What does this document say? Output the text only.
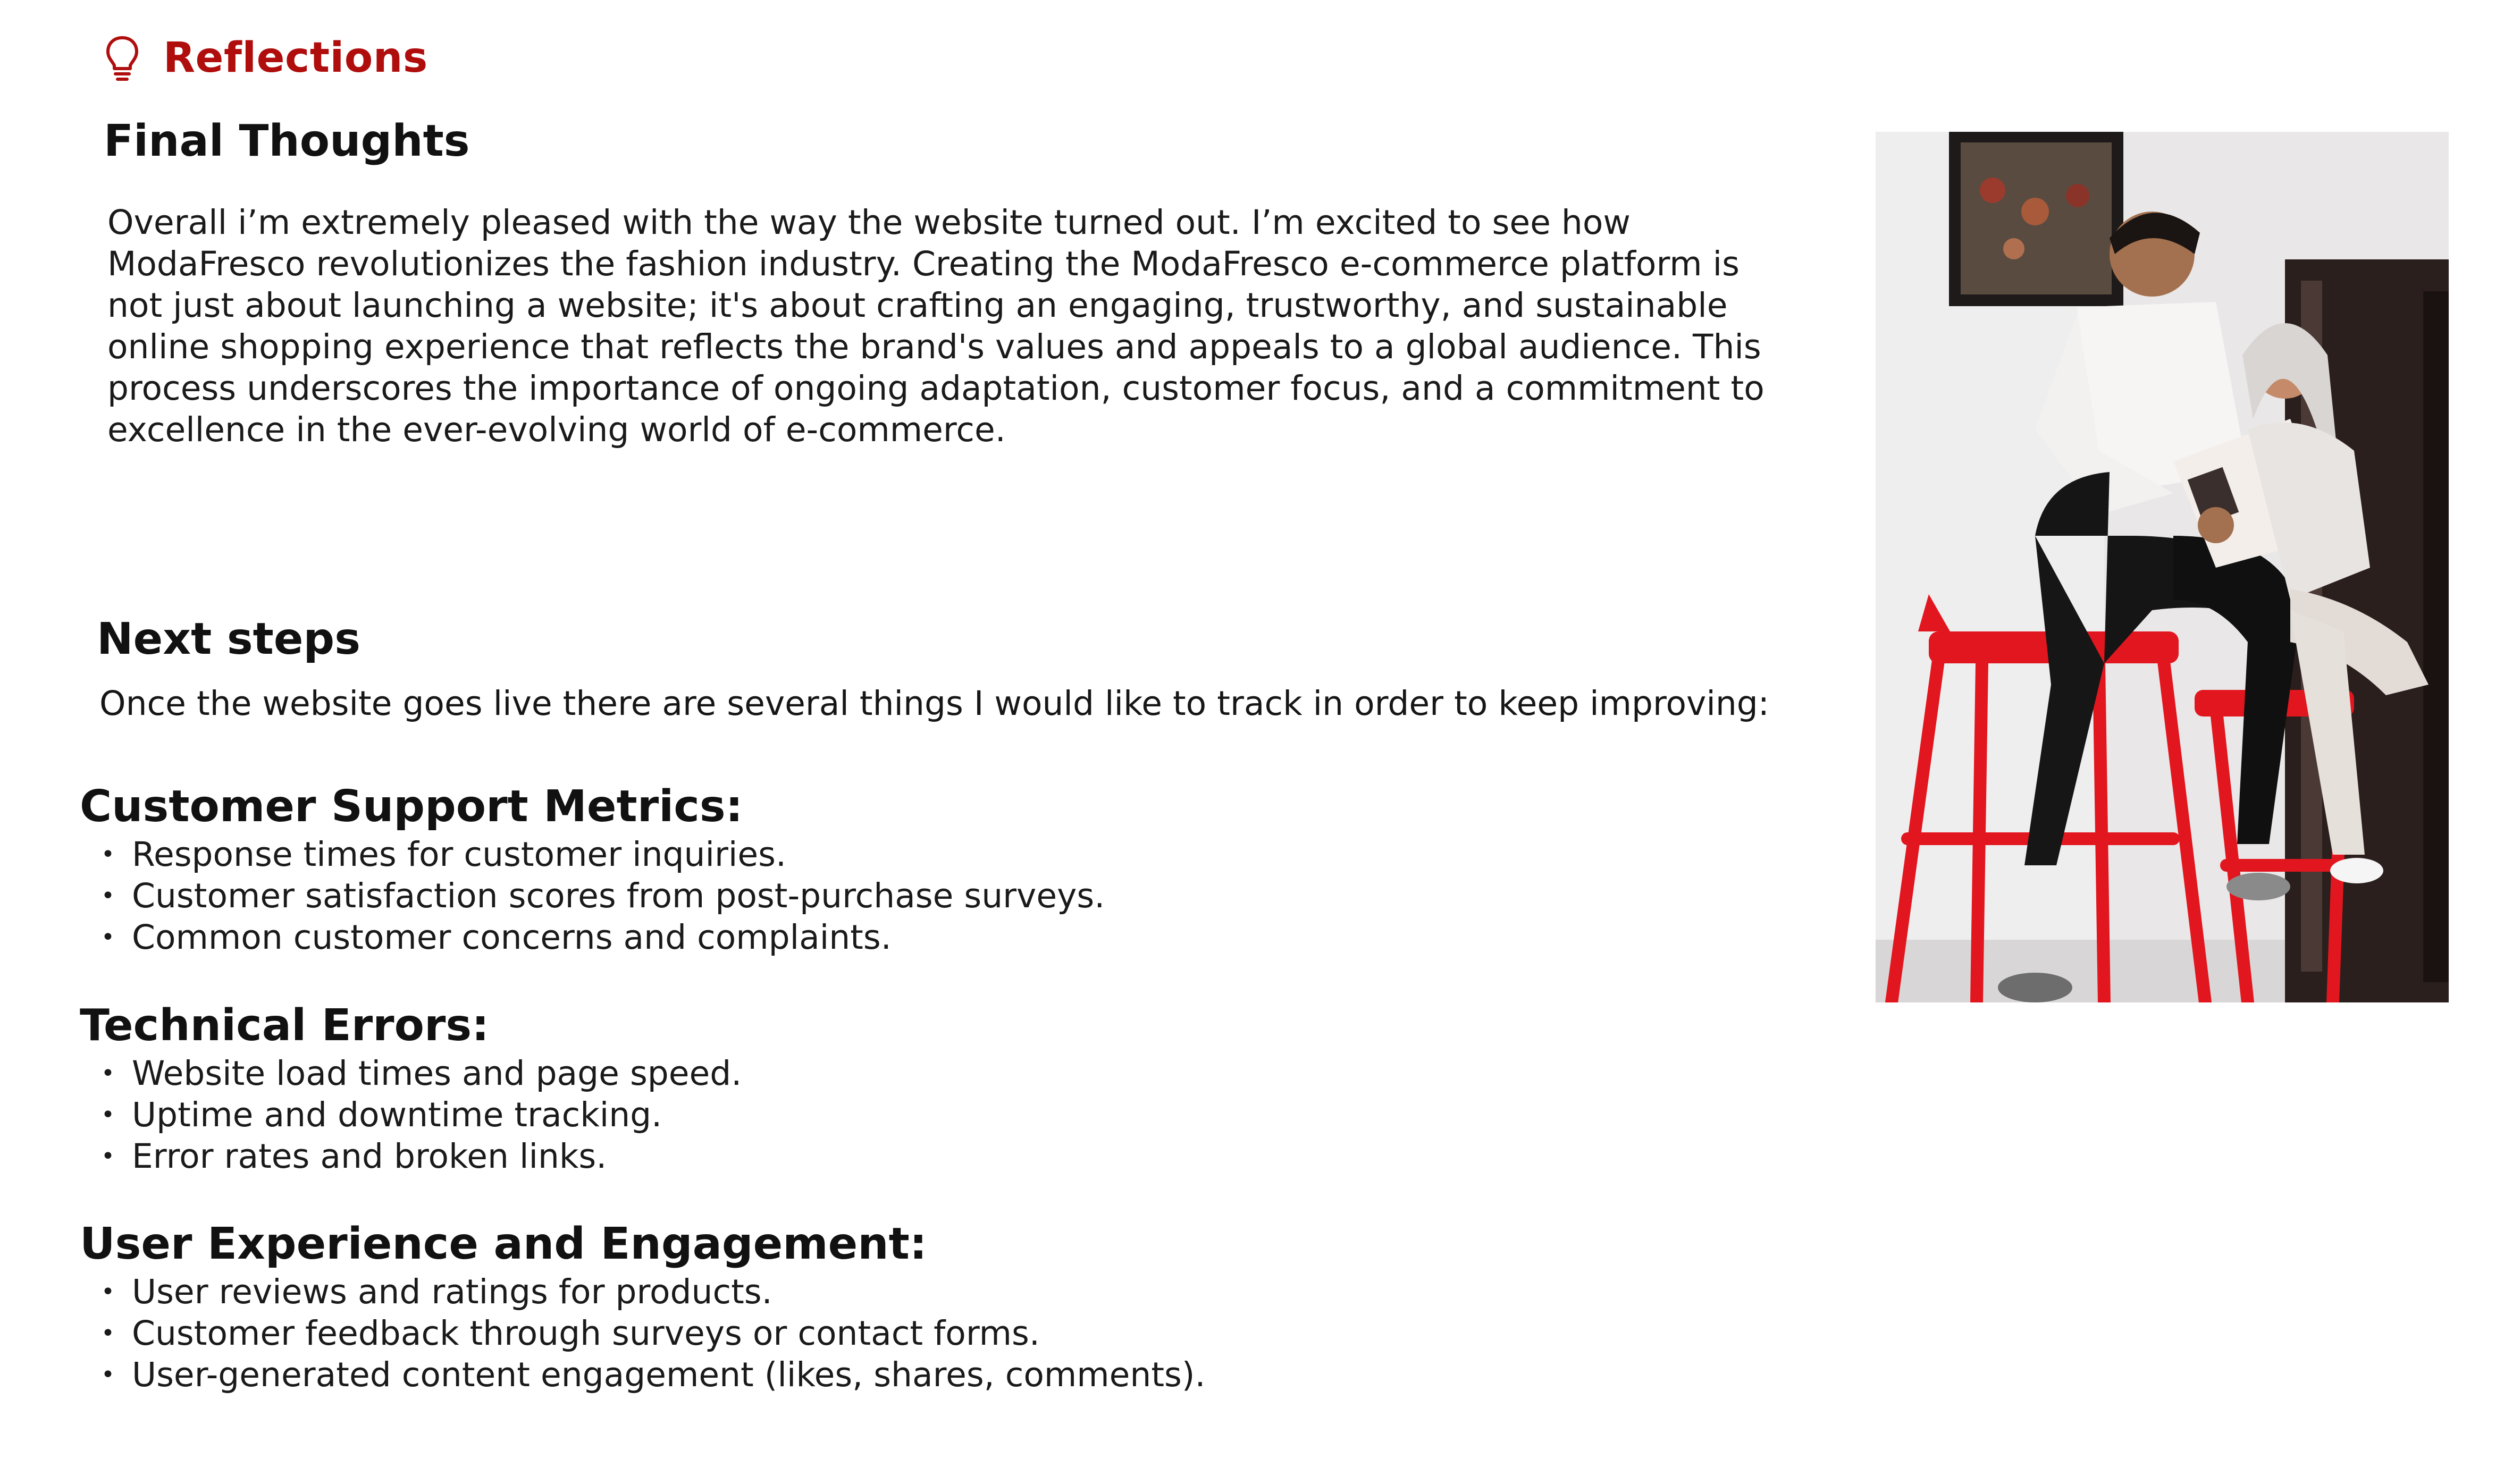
Reflections
Final Thoughts

Overall i’m extremely pleased with the way the website turned out. I’m excited to see how ModaFresco revolutionizes the fashion industry. Creating the ModaFresco e-commerce platform is not just about launching a website; it's about crafting an engaging, trustworthy, and sustainable online shopping experience that reflects the brand's values and appeals to a global audience. This process underscores the importance of ongoing adaptation, customer focus, and a commitment to excellence in the ever-evolving world of e-commerce.

Next steps

Once the website goes live there are several things I would like to track in order to keep improving:

Customer Support Metrics:
• Response times for customer inquiries.
• Customer satisfaction scores from post-purchase surveys.
• Common customer concerns and complaints.
Technical Errors:
• Website load times and page speed.
• Uptime and downtime tracking.
• Error rates and broken links.
User Experience and Engagement:
• User reviews and ratings for products.
• Customer feedback through surveys or contact forms.
• User-generated content engagement (likes, shares, comments).
